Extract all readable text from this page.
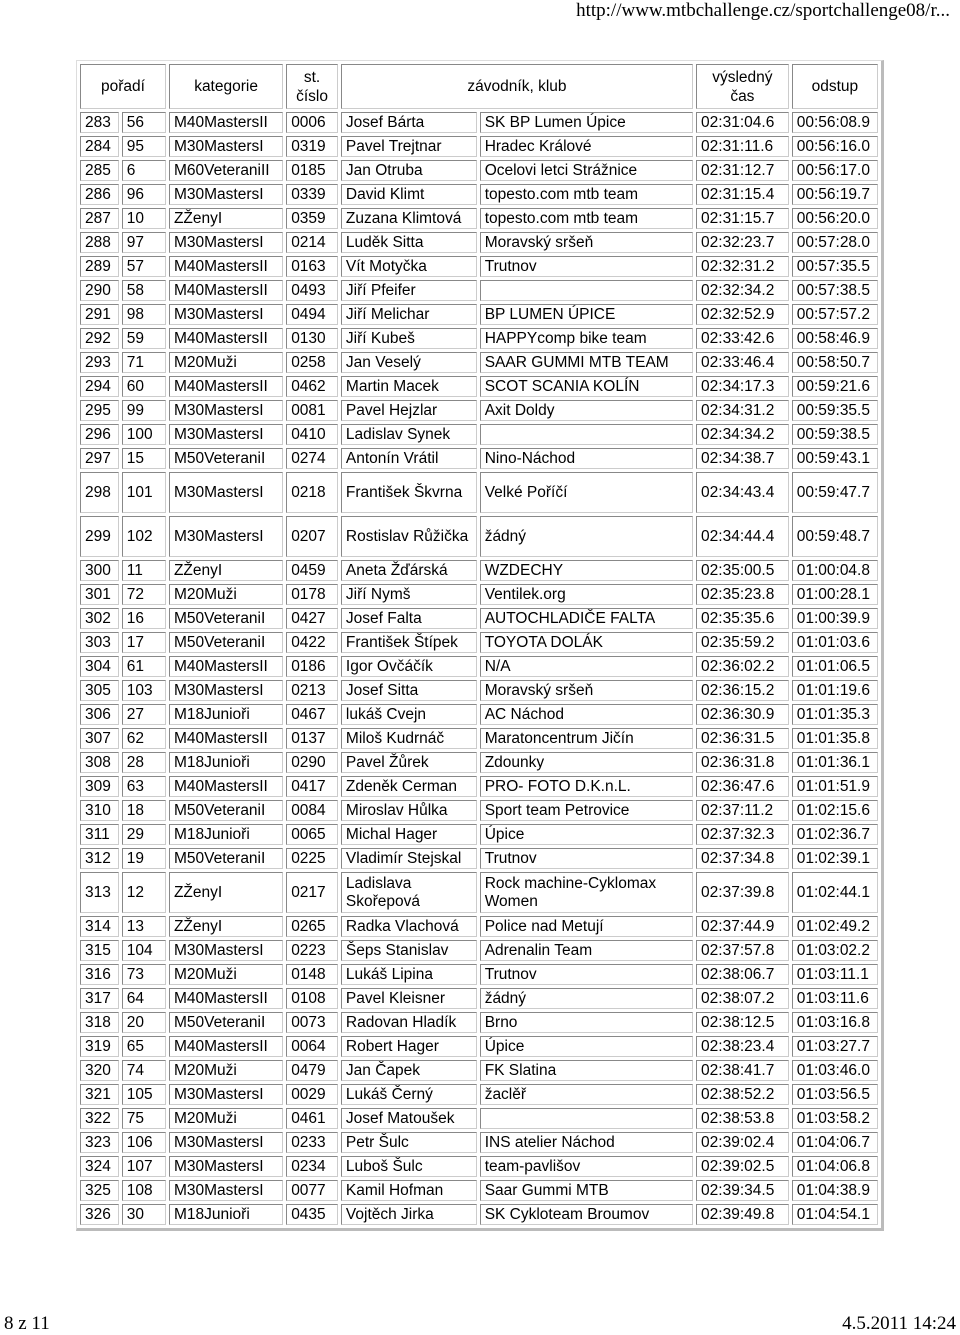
http://www.mtbchallenge.cz/sportchallenge08/r...
pořadí		kategorie	st. číslo	závodník, klub		výsledný čas	odstup
283	56	M40MastersII	0006	Josef Bárta	SK BP Lumen Úpice	02:31:04.6	00:56:08.9
284	95	M30MastersI	0319	Pavel Trejtnar	Hradec Králové	02:31:11.6	00:56:16.0
285	6	M60VeteraniII	0185	Jan Otruba	Ocelovi letci Strážnice	02:31:12.7	00:56:17.0
286	96	M30MastersI	0339	David Klimt	topesto.com mtb team	02:31:15.4	00:56:19.7
287	10	ZŽenyI	0359	Zuzana Klimtová	topesto.com mtb team	02:31:15.7	00:56:20.0
288	97	M30MastersI	0214	Luděk Sitta	Moravský sršeň	02:32:23.7	00:57:28.0
289	57	M40MastersII	0163	Vít Motyčka	Trutnov	02:32:31.2	00:57:35.5
290	58	M40MastersII	0493	Jiří Pfeifer		02:32:34.2	00:57:38.5
291	98	M30MastersI	0494	Jiří Melichar	BP LUMEN ÚPICE	02:32:52.9	00:57:57.2
292	59	M40MastersII	0130	Jiří Kubeš	HAPPYcomp bike team	02:33:42.6	00:58:46.9
293	71	M20Muži	0258	Jan Veselý	SAAR GUMMI MTB TEAM	02:33:46.4	00:58:50.7
294	60	M40MastersII	0462	Martin Macek	SCOT SCANIA KOLÍN	02:34:17.3	00:59:21.6
295	99	M30MastersI	0081	Pavel Hejzlar	Axit Doldy	02:34:31.2	00:59:35.5
296	100	M30MastersI	0410	Ladislav Synek		02:34:34.2	00:59:38.5
297	15	M50VeteraniI	0274	Antonín Vrátil	Nino-Náchod	02:34:38.7	00:59:43.1
298	101	M30MastersI	0218	František Škvrna	Velké Poříčí	02:34:43.4	00:59:47.7
299	102	M30MastersI	0207	Rostislav Růžička	žádný	02:34:44.4	00:59:48.7
300	11	ZŽenyI	0459	Aneta Žďárská	WZDECHY	02:35:00.5	01:00:04.8
301	72	M20Muži	0178	Jiří Nymš	Ventilek.org	02:35:23.8	01:00:28.1
302	16	M50VeteraniI	0427	Josef Falta	AUTOCHLADIČE FALTA	02:35:35.6	01:00:39.9
303	17	M50VeteraniI	0422	František Štípek	TOYOTA DOLÁK	02:35:59.2	01:01:03.6
304	61	M40MastersII	0186	Igor Ovčáčík	N/A	02:36:02.2	01:01:06.5
305	103	M30MastersI	0213	Josef Sitta	Moravský sršeň	02:36:15.2	01:01:19.6
306	27	M18Junioři	0467	lukáš Cvejn	AC Náchod	02:36:30.9	01:01:35.3
307	62	M40MastersII	0137	Miloš Kudrnáč	Maratoncentrum Jičín	02:36:31.5	01:01:35.8
308	28	M18Junioři	0290	Pavel Žůrek	Zdounky	02:36:31.8	01:01:36.1
309	63	M40MastersII	0417	Zdeněk Cerman	PRO- FOTO D.K.n.L.	02:36:47.6	01:01:51.9
310	18	M50VeteraniI	0084	Miroslav Hůlka	Sport team Petrovice	02:37:11.2	01:02:15.6
311	29	M18Junioři	0065	Michal Hager	Úpice	02:37:32.3	01:02:36.7
312	19	M50VeteraniI	0225	Vladimír Stejskal	Trutnov	02:37:34.8	01:02:39.1
313	12	ZŽenyI	0217	Ladislava Skořepová	Rock machine-Cyklomax Women	02:37:39.8	01:02:44.1
314	13	ZŽenyI	0265	Radka Vlachová	Police nad Metují	02:37:44.9	01:02:49.2
315	104	M30MastersI	0223	Šeps Stanislav	Adrenalin Team	02:37:57.8	01:03:02.2
316	73	M20Muži	0148	Lukáš Lipina	Trutnov	02:38:06.7	01:03:11.1
317	64	M40MastersII	0108	Pavel Kleisner	žádný	02:38:07.2	01:03:11.6
318	20	M50VeteraniI	0073	Radovan Hladík	Brno	02:38:12.5	01:03:16.8
319	65	M40MastersII	0064	Robert Hager	Úpice	02:38:23.4	01:03:27.7
320	74	M20Muži	0479	Jan Čapek	FK Slatina	02:38:41.7	01:03:46.0
321	105	M30MastersI	0029	Lukáš Černý	žaclěř	02:38:52.2	01:03:56.5
322	75	M20Muži	0461	Josef Matoušek		02:38:53.8	01:03:58.2
323	106	M30MastersI	0233	Petr Šulc	INS atelier Náchod	02:39:02.4	01:04:06.7
324	107	M30MastersI	0234	Luboš Šulc	team-pavlišov	02:39:02.5	01:04:06.8
325	108	M30MastersI	0077	Kamil Hofman	Saar Gummi MTB	02:39:34.5	01:04:38.9
326	30	M18Junioři	0435	Vojtěch Jirka	SK Cykloteam Broumov	02:39:49.8	01:04:54.1
8 z 11	4.5.2011 14:24
